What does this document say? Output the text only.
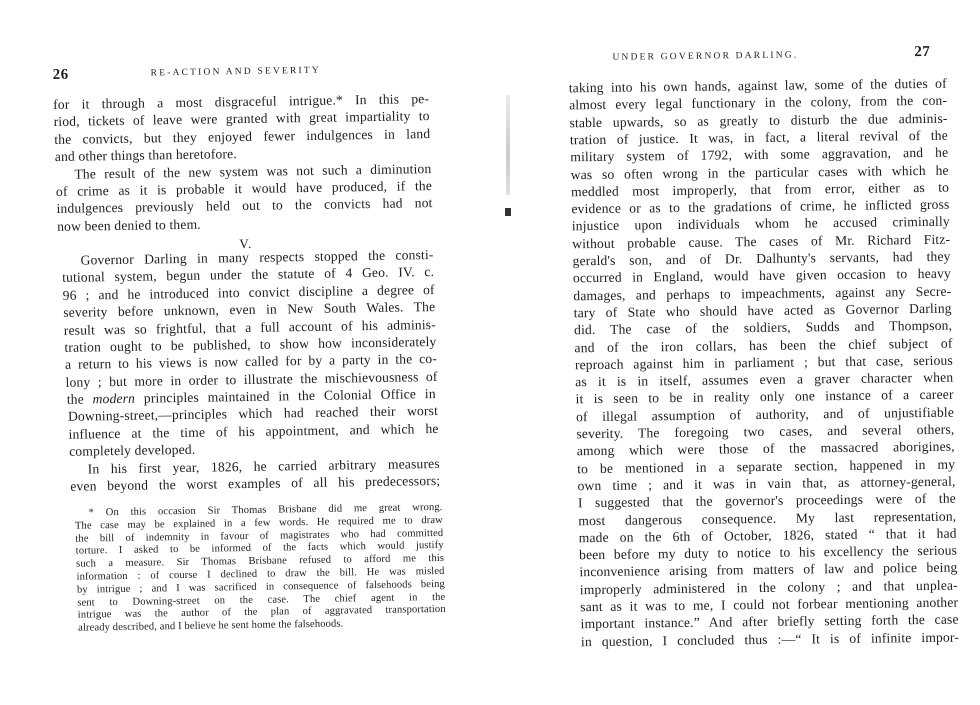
26	RE-ACTION AND SEVERITY
for it through a most disgraceful intrigue.* In this pe-
riod, tickets of leave were granted with great impartiality to
the convicts, but they enjoyed fewer indulgences in land
and other things than heretofore.
The result of the new system was not such a diminution
of crime as it is probable it would have produced, if the
indulgences previously held out to the convicts had not
now been denied to them.
V.
Governor Darling in many respects stopped the consti-
tutional system, begun under the statute of 4 Geo. IV. c.
96 ; and he introduced into convict discipline a degree of
severity before unknown, even in New South Wales. The
result was so frightful, that a full account of his adminis-
tration ought to be published, to show how inconsiderately
a return to his views is now called for by a party in the co-
lony ; but more in order to illustrate the mischievousness of
the modern principles maintained in the Colonial Office in
Downing-street,—principles which had reached their worst
influence at the time of his appointment, and which he
completely developed.
In his first year, 1826, he carried arbitrary measures
even beyond the worst examples of all his predecessors;
* On this occasion Sir Thomas Brisbane did me great wrong.
The case may be explained in a few words. He required me to draw
the bill of indemnity in favour of magistrates who had committed
torture. I asked to be informed of the facts which would justify
such a measure. Sir Thomas Brisbane refused to afford me this
information : of course I declined to draw the bill. He was misled
by intrigue ; and I was sacrificed in consequence of falsehoods being
sent to Downing-street on the case. The chief agent in the
intrigue was the author of the plan of aggravated transportation
already described, and I believe he sent home the falsehoods.
UNDER GOVERNOR DARLING.	27
taking into his own hands, against law, some of the duties of
almost every legal functionary in the colony, from the con-
stable upwards, so as greatly to disturb the due adminis-
tration of justice. It was, in fact, a literal revival of the
military system of 1792, with some aggravation, and he
was so often wrong in the particular cases with which he
meddled most improperly, that from error, either as to
evidence or as to the gradations of crime, he inflicted gross
injustice upon individuals whom he accused criminally
without probable cause. The cases of Mr. Richard Fitz-
gerald's son, and of Dr. Dalhunty's servants, had they
occurred in England, would have given occasion to heavy
damages, and perhaps to impeachments, against any Secre-
tary of State who should have acted as Governor Darling
did. The case of the soldiers, Sudds and Thompson,
and of the iron collars, has been the chief subject of
reproach against him in parliament ; but that case, serious
as it is in itself, assumes even a graver character when
it is seen to be in reality only one instance of a career
of illegal assumption of authority, and of unjustifiable
severity. The foregoing two cases, and several others,
among which were those of the massacred aborigines,
to be mentioned in a separate section, happened in my
own time ; and it was in vain that, as attorney-general,
I suggested that the governor's proceedings were of the
most dangerous consequence. My last representation,
made on the 6th of October, 1826, stated “ that it had
been before my duty to notice to his excellency the serious
inconvenience arising from matters of law and police being
improperly administered in the colony ; and that unplea-
sant as it was to me, I could not forbear mentioning another
important instance.” And after briefly setting forth the case
in question, I concluded thus :—“ It is of infinite impor-
